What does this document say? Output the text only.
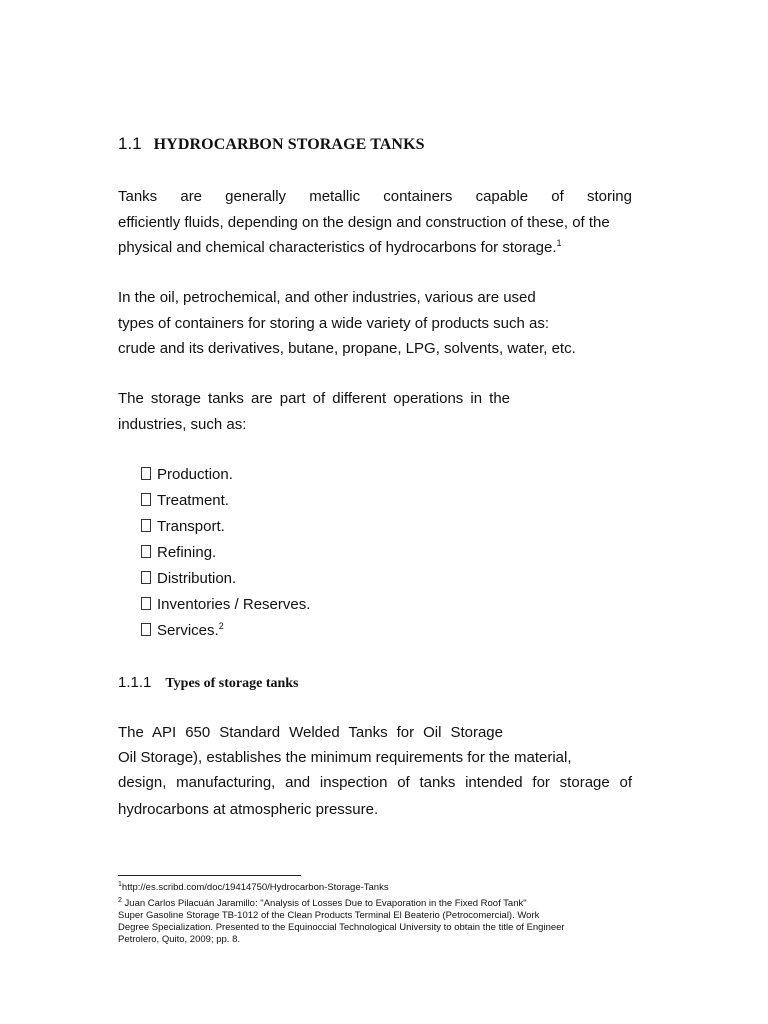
1.1 HYDROCARBON STORAGE TANKS
Tanks are generally metallic containers capable of storing
efficiently fluids, depending on the design and construction of these, of the
physical and chemical characteristics of hydrocarbons for storage.$^1$
In the oil, petrochemical, and other industries, various are used
types of containers for storing a wide variety of products such as:
crude and its derivatives, butane, propane, LPG, solvents, water, etc.
The storage tanks are part of different operations in the
industries, such as:
Production.
Treatment.
Transport.
Refining.
Distribution.
Inventories / Reserves.
Services.$^2$
1.1.1 Types of storage tanks
The API 650 Standard Welded Tanks for Oil Storage
Oil Storage), establishes the minimum requirements for the material,
design, manufacturing, and inspection of tanks intended for storage of
hydrocarbons at atmospheric pressure.
$^1$http://es.scribd.com/doc/19414750/Hydrocarbon-Storage-Tanks
$^2$ Juan Carlos Pilacuán Jaramillo: "Analysis of Losses Due to Evaporation in the Fixed Roof Tank"
Super Gasoline Storage TB-1012 of the Clean Products Terminal El Beaterio (Petrocomercial). Work
Degree Specialization. Presented to the Equinoccial Technological University to obtain the title of Engineer
Petrolero, Quito, 2009; pp. 8.
